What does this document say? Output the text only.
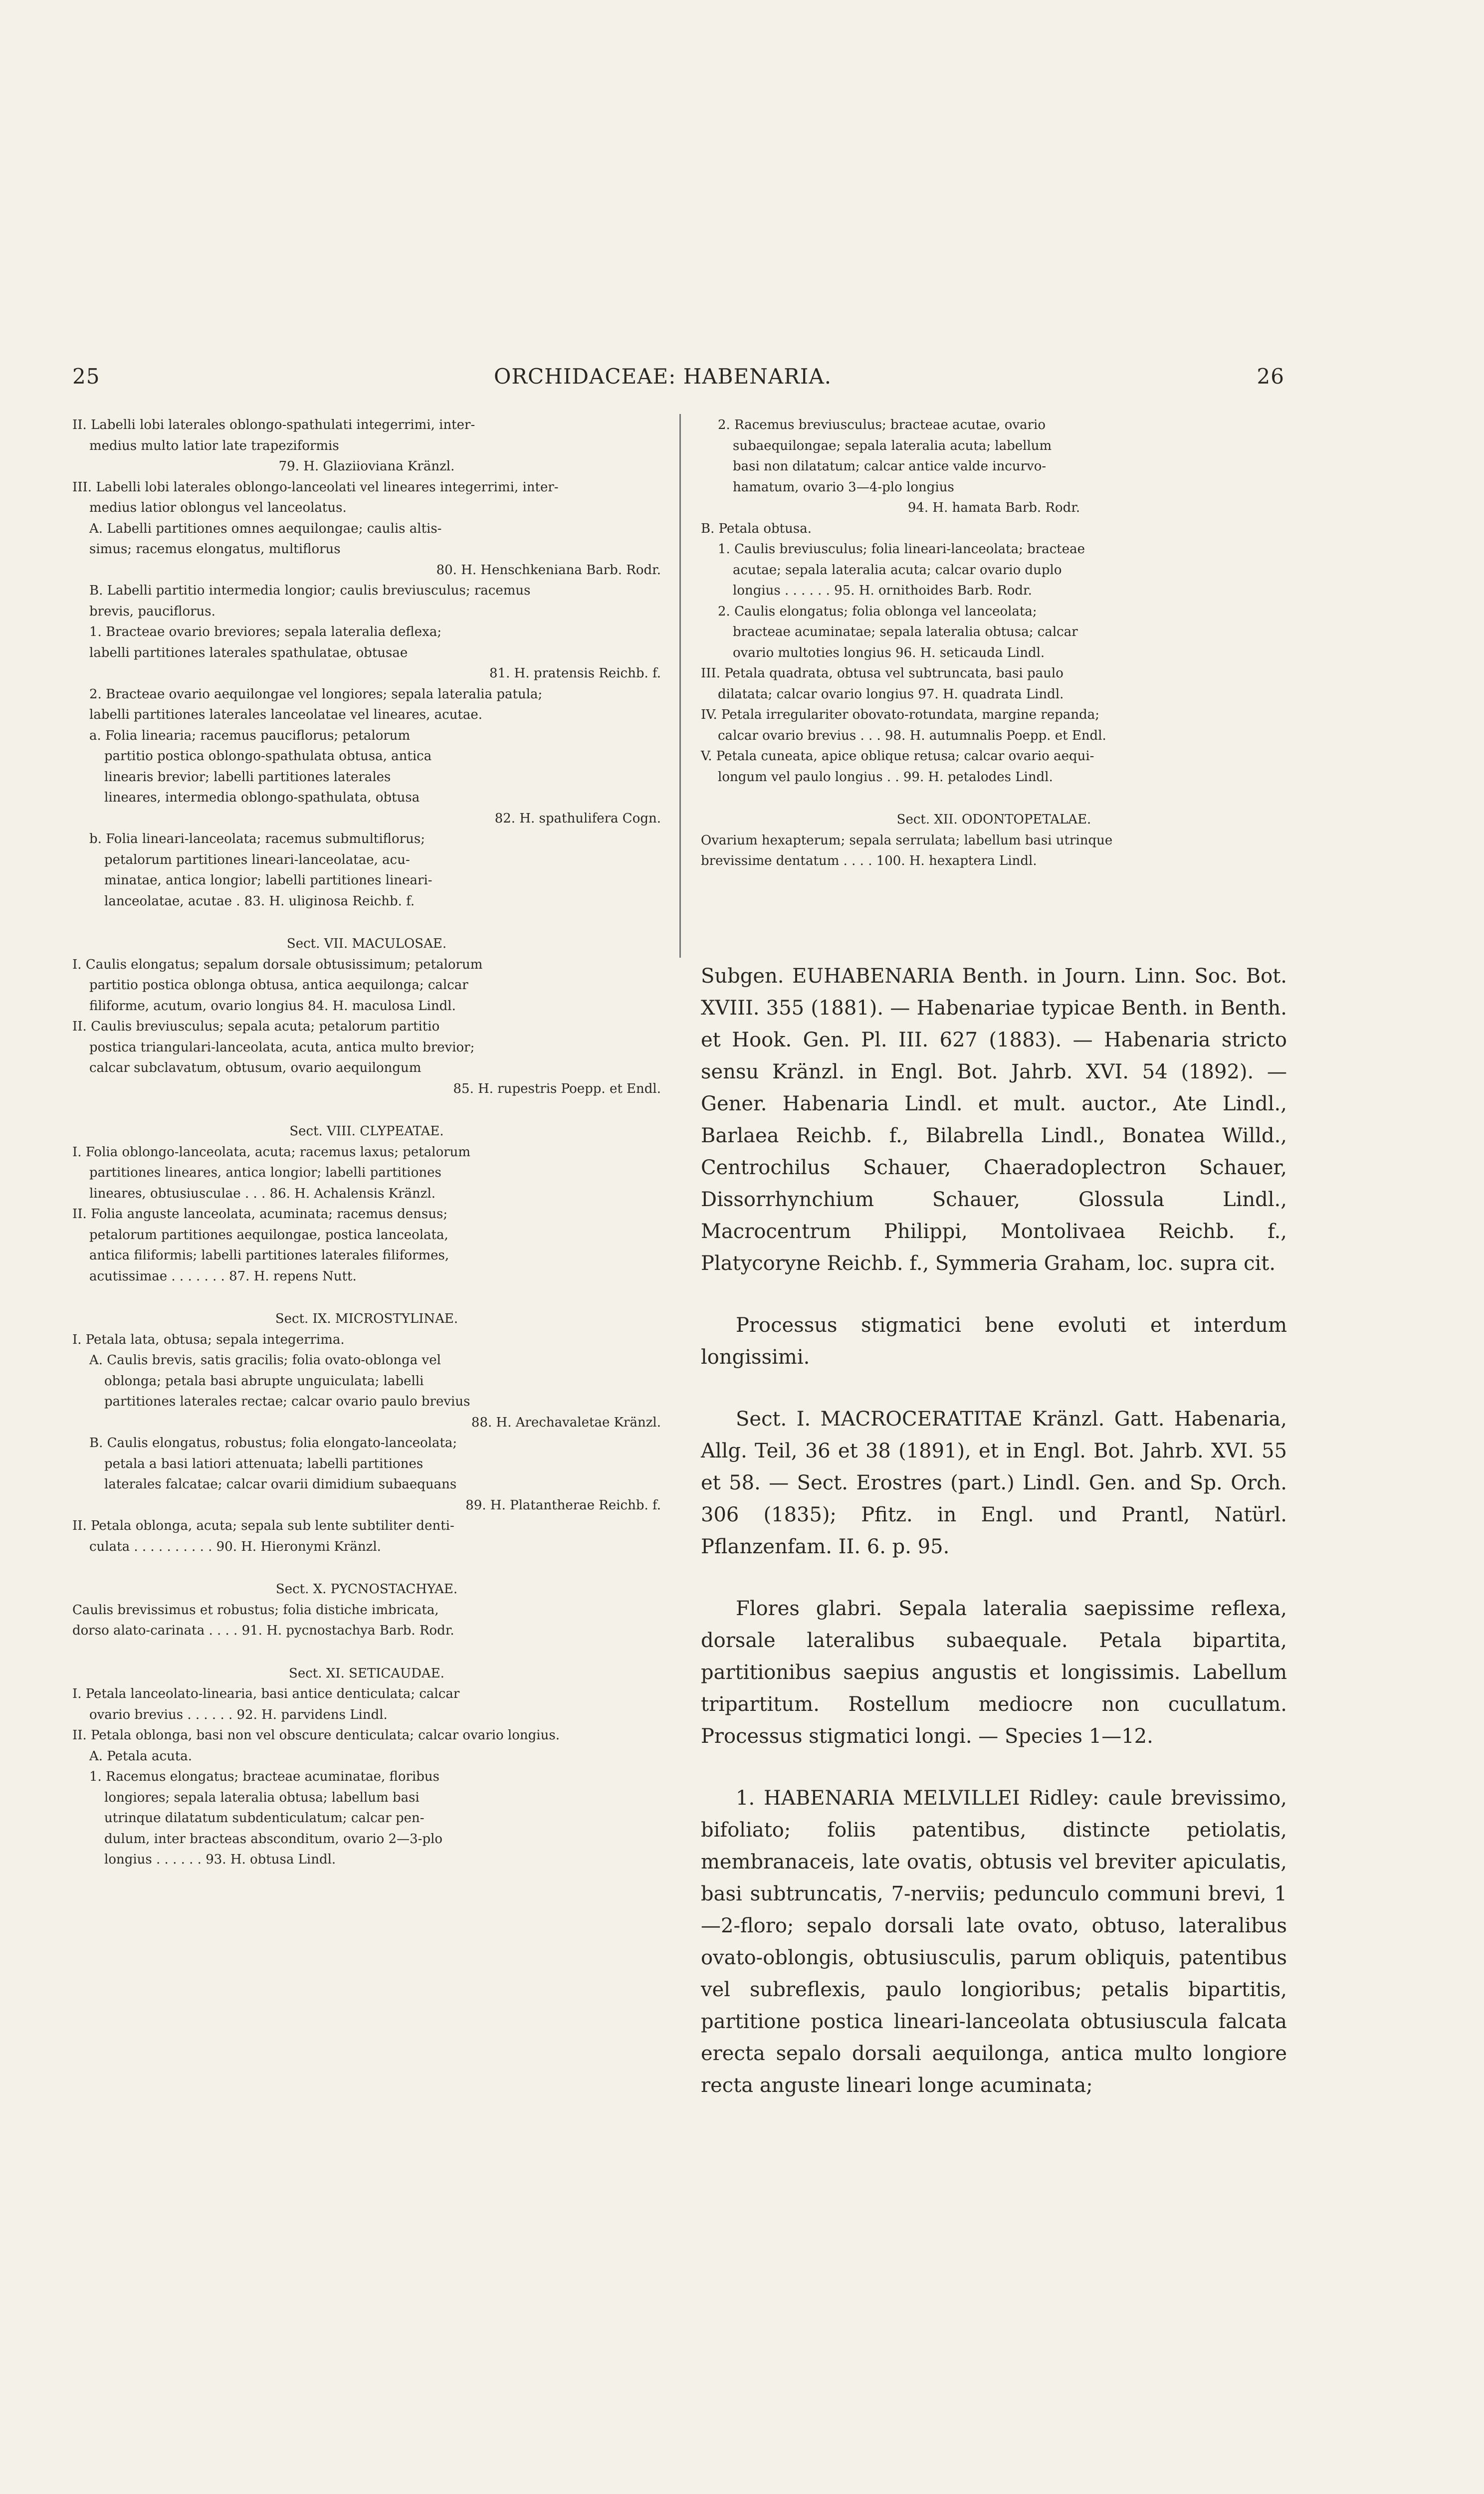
25	ORCHIDACEAE: HABENARIA.	26

II. Labelli lobi laterales oblongo-spathulati integerrimi, inter-

medius multo latior late trapeziformis

79. H. Glaziioviana Kränzl.

III. Labelli lobi laterales oblongo-lanceolati vel lineares integerrimi, inter-

medius latior oblongus vel lanceolatus.

A. Labelli partitiones omnes aequilongae; caulis altis-

simus; racemus elongatus, multiflorus

80. H. Henschkeniana Barb. Rodr.

B. Labelli partitio intermedia longior; caulis breviusculus; racemus

brevis, pauciflorus.

1. Bracteae ovario breviores; sepala lateralia deflexa;

labelli partitiones laterales spathulatae, obtusae

81. H. pratensis Reichb. f.

2. Bracteae ovario aequilongae vel longiores; sepala lateralia patula;

labelli partitiones laterales lanceolatae vel lineares, acutae.

a. Folia linearia; racemus pauciflorus; petalorum

partitio postica oblongo-spathulata obtusa, antica

linearis brevior; labelli partitiones laterales

lineares, intermedia oblongo-spathulata, obtusa

82. H. spathulifera Cogn.

b. Folia lineari-lanceolata; racemus submultiflorus;

petalorum partitiones lineari-lanceolatae, acu-

minatae, antica longior; labelli partitiones lineari-

lanceolatae, acutae . 83. H. uliginosa Reichb. f.

Sect. VII. MACULOSAE.

I. Caulis elongatus; sepalum dorsale obtusissimum; petalorum

partitio postica oblonga obtusa, antica aequilonga; calcar

filiforme, acutum, ovario longius 84. H. maculosa Lindl.

II. Caulis breviusculus; sepala acuta; petalorum partitio

postica triangulari-lanceolata, acuta, antica multo brevior;

calcar subclavatum, obtusum, ovario aequilongum

85. H. rupestris Poepp. et Endl.

Sect. VIII. CLYPEATAE.

I. Folia oblongo-lanceolata, acuta; racemus laxus; petalorum

partitiones lineares, antica longior; labelli partitiones

lineares, obtusiusculae . . . 86. H. Achalensis Kränzl.

II. Folia anguste lanceolata, acuminata; racemus densus;

petalorum partitiones aequilongae, postica lanceolata,

antica filiformis; labelli partitiones laterales filiformes,

acutissimae . . . . . . . 87. H. repens Nutt.

Sect. IX. MICROSTYLINAE.

I. Petala lata, obtusa; sepala integerrima.

A. Caulis brevis, satis gracilis; folia ovato-oblonga vel

oblonga; petala basi abrupte unguiculata; labelli

partitiones laterales rectae; calcar ovario paulo brevius

88. H. Arechavaletae Kränzl.

B. Caulis elongatus, robustus; folia elongato-lanceolata;

petala a basi latiori attenuata; labelli partitiones

laterales falcatae; calcar ovarii dimidium subaequans

89. H. Platantherae Reichb. f.

II. Petala oblonga, acuta; sepala sub lente subtiliter denti-

culata . . . . . . . . . . 90. H. Hieronymi Kränzl.

Sect. X. PYCNOSTACHYAE.

Caulis brevissimus et robustus; folia distiche imbricata,

dorso alato-carinata . . . . 91. H. pycnostachya Barb. Rodr.

Sect. XI. SETICAUDAE.

I. Petala lanceolato-linearia, basi antice denticulata; calcar

ovario brevius . . . . . . 92. H. parvidens Lindl.

II. Petala oblonga, basi non vel obscure denticulata; calcar ovario longius.

A. Petala acuta.

1. Racemus elongatus; bracteae acuminatae, floribus

longiores; sepala lateralia obtusa; labellum basi

utrinque dilatatum subdenticulatum; calcar pen-

dulum, inter bracteas absconditum, ovario 2—3-plo

longius . . . . . . 93. H. obtusa Lindl.

2. Racemus breviusculus; bracteae acutae, ovario

subaequilongae; sepala lateralia acuta; labellum

basi non dilatatum; calcar antice valde incurvo-

hamatum, ovario 3—4-plo longius

94. H. hamata Barb. Rodr.

B. Petala obtusa.

1. Caulis breviusculus; folia lineari-lanceolata; bracteae

acutae; sepala lateralia acuta; calcar ovario duplo

longius . . . . . . 95. H. ornithoides Barb. Rodr.

2. Caulis elongatus; folia oblonga vel lanceolata;

bracteae acuminatae; sepala lateralia obtusa; calcar

ovario multoties longius 96. H. seticauda Lindl.

III. Petala quadrata, obtusa vel subtruncata, basi paulo

dilatata; calcar ovario longius 97. H. quadrata Lindl.

IV. Petala irregulariter obovato-rotundata, margine repanda;

calcar ovario brevius . . . 98. H. autumnalis Poepp. et Endl.

V. Petala cuneata, apice oblique retusa; calcar ovario aequi-

longum vel paulo longius . . 99. H. petalodes Lindl.

Sect. XII. ODONTOPETALAE.

Ovarium hexapterum; sepala serrulata; labellum basi utrinque

brevissime dentatum . . . . 100. H. hexaptera Lindl.

Subgen. EUHABENARIA Benth. in Journ. Linn. Soc. Bot. XVIII. 355 (1881). — Habenariae typicae Benth. in Benth. et Hook. Gen. Pl. III. 627 (1883). — Habenaria stricto sensu Kränzl. in Engl. Bot. Jahrb. XVI. 54 (1892). — Gener. Habenaria Lindl. et mult. auctor., Ate Lindl., Barlaea Reichb. f., Bilabrella Lindl., Bonatea Willd., Centrochilus Schauer, Chaeradoplectron Schauer, Dissorrhynchium Schauer, Glossula Lindl., Macrocentrum Philippi, Montolivaea Reichb. f., Platycoryne Reichb. f., Symmeria Graham, loc. supra cit.

Processus stigmatici bene evoluti et interdum longissimi.

Sect. I. MACROCERATITAE Kränzl. Gatt. Habenaria, Allg. Teil, 36 et 38 (1891), et in Engl. Bot. Jahrb. XVI. 55 et 58. — Sect. Erostres (part.) Lindl. Gen. and Sp. Orch. 306 (1835); Pfitz. in Engl. und Prantl, Natürl. Pflanzenfam. II. 6. p. 95.

Flores glabri. Sepala lateralia saepissime reflexa, dorsale lateralibus subaequale. Petala bipartita, partitionibus saepius angustis et longissimis. Labellum tripartitum. Rostellum mediocre non cucullatum. Processus stigmatici longi. — Species 1—12.

1. HABENARIA MELVILLEI Ridley: caule brevissimo, bifoliato; foliis patentibus, distincte petiolatis, membranaceis, late ovatis, obtusis vel breviter apiculatis, basi subtruncatis, 7-nerviis; pedunculo communi brevi, 1—2-floro; sepalo dorsali late ovato, obtuso, lateralibus ovato-oblongis, obtusiusculis, parum obliquis, patentibus vel subreflexis, paulo longioribus; petalis bipartitis, partitione postica lineari-lanceolata obtusiuscula falcata erecta sepalo dorsali aequilonga, antica multo longiore recta anguste lineari longe acuminata;
